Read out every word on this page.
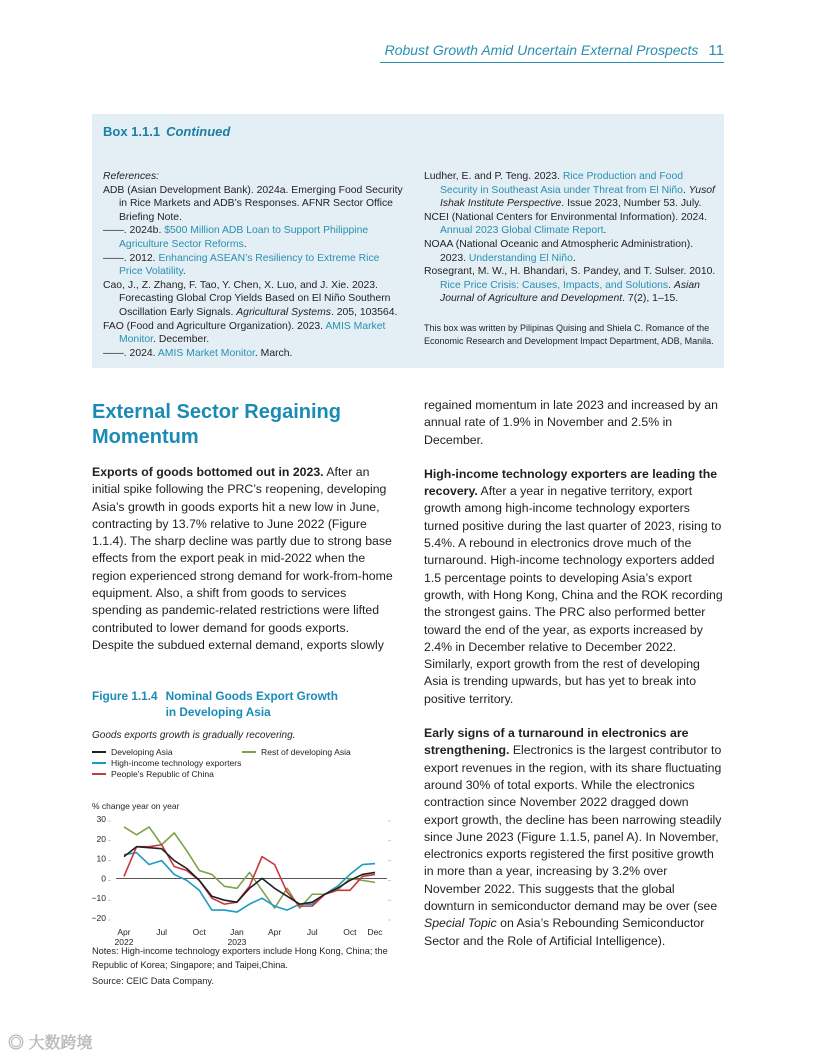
Robust Growth Amid Uncertain External Prospects 11
Box 1.1.1 Continued
References:
ADB (Asian Development Bank). 2024a. Emerging Food Security in Rice Markets and ADB’s Responses. AFNR Sector Office Briefing Note.
——. 2024b. $500 Million ADB Loan to Support Philippine Agriculture Sector Reforms.
——. 2012. Enhancing ASEAN’s Resiliency to Extreme Rice Price Volatility.
Cao, J., Z. Zhang, F. Tao, Y. Chen, X. Luo, and J. Xie. 2023. Forecasting Global Crop Yields Based on El Niño Southern Oscillation Early Signals. Agricultural Systems. 205, 103564.
FAO (Food and Agriculture Organization). 2023. AMIS Market Monitor. December.
——. 2024. AMIS Market Monitor. March.
Ludher, E. and P. Teng. 2023. Rice Production and Food Security in Southeast Asia under Threat from El Niño. Yusof Ishak Institute Perspective. Issue 2023, Number 53. July.
NCEI (National Centers for Environmental Information). 2024. Annual 2023 Global Climate Report.
NOAA (National Oceanic and Atmospheric Administration). 2023. Understanding El Niño.
Rosegrant, M. W., H. Bhandari, S. Pandey, and T. Sulser. 2010. Rice Price Crisis: Causes, Impacts, and Solutions. Asian Journal of Agriculture and Development. 7(2), 1–15.
This box was written by Pilipinas Quising and Shiela C. Romance of the Economic Research and Development Impact Department, ADB, Manila.
External Sector Regaining Momentum
Exports of goods bottomed out in 2023. After an initial spike following the PRC’s reopening, developing Asia’s growth in goods exports hit a new low in June, contracting by 13.7% relative to June 2022 (Figure 1.1.4). The sharp decline was partly due to strong base effects from the export peak in mid-2022 when the region experienced strong demand for work-from-home equipment. Also, a shift from goods to services spending as pandemic-related restrictions were lifted contributed to lower demand for goods exports. Despite the subdued external demand, exports slowly
regained momentum in late 2023 and increased by an annual rate of 1.9% in November and 2.5% in December.
High-income technology exporters are leading the recovery. After a year in negative territory, export growth among high-income technology exporters turned positive during the last quarter of 2023, rising to 5.4%. A rebound in electronics drove much of the turnaround. High-income technology exporters added 1.5 percentage points to developing Asia’s export growth, with Hong Kong, China and the ROK recording the strongest gains. The PRC also performed better toward the end of the year, as exports increased by 2.4% in December relative to December 2022. Similarly, export growth from the rest of developing Asia is trending upwards, but has yet to break into positive territory.
Early signs of a turnaround in electronics are strengthening. Electronics is the largest contributor to export revenues in the region, with its share fluctuating around 30% of total exports. While the electronics contraction since November 2022 dragged down export growth, the decline has been narrowing steadily since June 2023 (Figure 1.1.5, panel A). In November, electronics exports registered the first positive growth in more than a year, increasing by 3.2% over November 2022. This suggests that the global downturn in semiconductor demand may be over (see Special Topic on Asia’s Rebounding Semiconductor Sector and the Role of Artificial Intelligence).
Figure 1.1.4 Nominal Goods Export Growth in Developing Asia
Goods exports growth is gradually recovering.
Developing Asia	Rest of developing Asia
High-income technology exporters
People's Republic of China
% change year on year
30
20
10
0
−10
−20
Apr
2022
Jul	Oct	Jan
2023
Apr	Jul	Oct Dec
Notes: High-income technology exporters include Hong Kong, China; the Republic of Korea; Singapore; and Taipei,China.
Source: CEIC Data Company.
◎ 大数跨境
